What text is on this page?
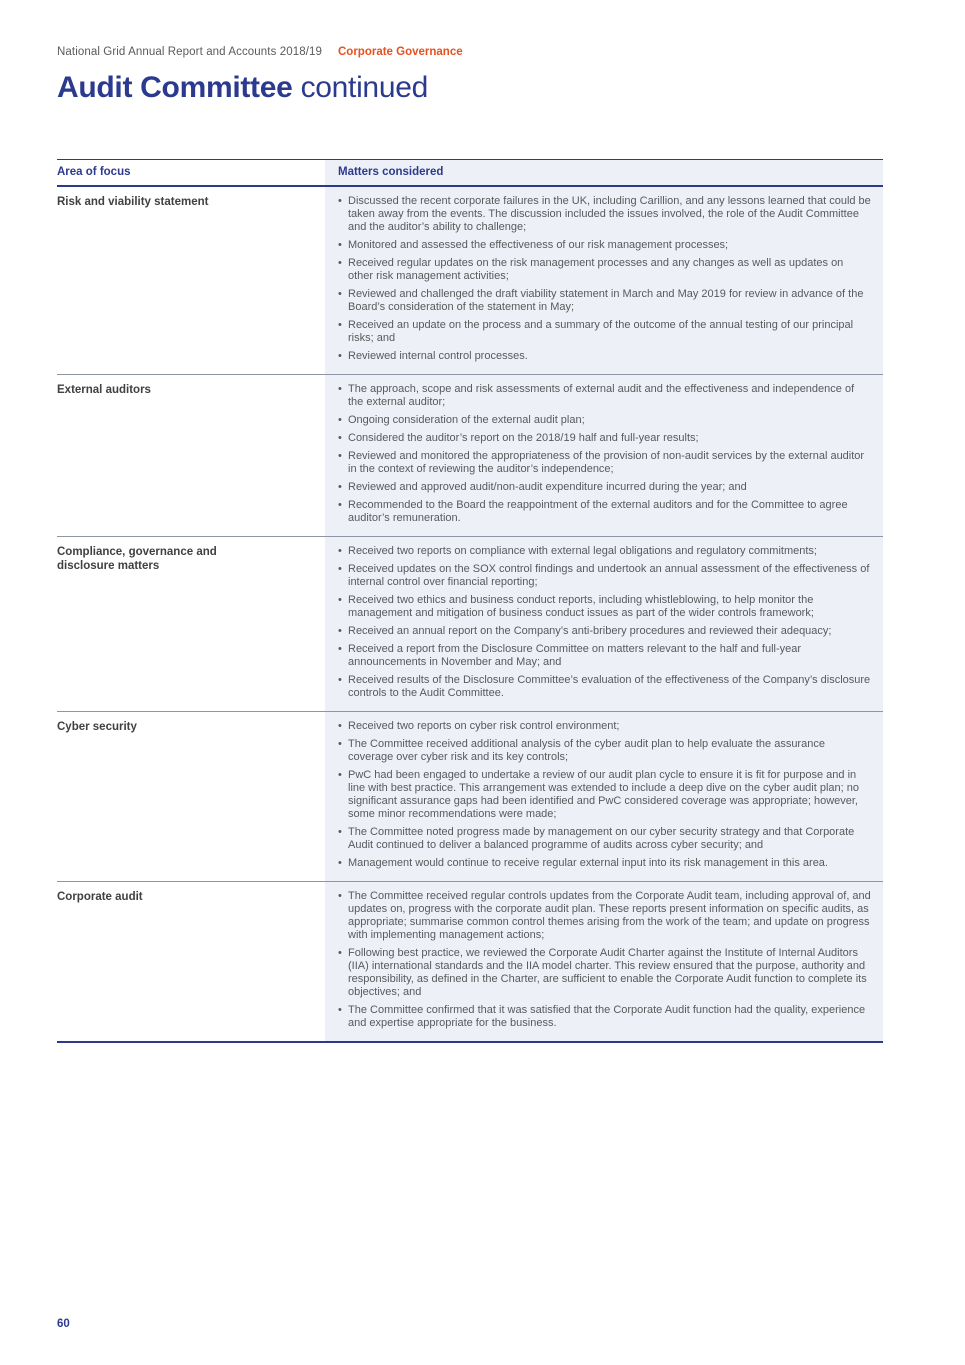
National Grid Annual Report and Accounts 2018/19	Corporate Governance
Audit Committee continued
Area of focus	Matters considered
Risk and viability statement	• Discussed the recent corporate failures in the UK, including Carillion, and any lessons learned that could be taken away from the events. The discussion included the issues involved, the role of the Audit Committee and the auditor’s ability to challenge;
• Monitored and assessed the effectiveness of our risk management processes;
• Received regular updates on the risk management processes and any changes as well as updates on other risk management activities;
• Reviewed and challenged the draft viability statement in March and May 2019 for review in advance of the Board’s consideration of the statement in May;
• Received an update on the process and a summary of the outcome of the annual testing of our principal risks; and
• Reviewed internal control processes.
External auditors	• The approach, scope and risk assessments of external audit and the effectiveness and independence of the external auditor;
• Ongoing consideration of the external audit plan;
• Considered the auditor’s report on the 2018/19 half and full-year results;
• Reviewed and monitored the appropriateness of the provision of non-audit services by the external auditor in the context of reviewing the auditor’s independence;
• Reviewed and approved audit/non-audit expenditure incurred during the year; and
• Recommended to the Board the reappointment of the external auditors and for the Committee to agree auditor’s remuneration.
Compliance, governance and disclosure matters
• Received two reports on compliance with external legal obligations and regulatory commitments;
• Received updates on the SOX control findings and undertook an annual assessment of the effectiveness of internal control over financial reporting;
• Received two ethics and business conduct reports, including whistleblowing, to help monitor the management and mitigation of business conduct issues as part of the wider controls framework;
• Received an annual report on the Company’s anti-bribery procedures and reviewed their adequacy;
• Received a report from the Disclosure Committee on matters relevant to the half and full-year announcements in November and May; and
• Received results of the Disclosure Committee’s evaluation of the effectiveness of the Company’s disclosure controls to the Audit Committee.
Cyber security	• Received two reports on cyber risk control environment;
• The Committee received additional analysis of the cyber audit plan to help evaluate the assurance coverage over cyber risk and its key controls;
• PwC had been engaged to undertake a review of our audit plan cycle to ensure it is fit for purpose and in line with best practice. This arrangement was extended to include a deep dive on the cyber audit plan; no significant assurance gaps had been identified and PwC considered coverage was appropriate; however, some minor recommendations were made;
• The Committee noted progress made by management on our cyber security strategy and that Corporate Audit continued to deliver a balanced programme of audits across cyber security; and
• Management would continue to receive regular external input into its risk management in this area.
Corporate audit	• The Committee received regular controls updates from the Corporate Audit team, including approval of, and updates on, progress with the corporate audit plan. These reports present information on specific audits, as appropriate; summarise common control themes arising from the work of the team; and update on progress with implementing management actions;
• Following best practice, we reviewed the Corporate Audit Charter against the Institute of Internal Auditors (IIA) international standards and the IIA model charter. This review ensured that the purpose, authority and responsibility, as defined in the Charter, are sufficient to enable the Corporate Audit function to complete its objectives; and
• The Committee confirmed that it was satisfied that the Corporate Audit function had the quality, experience and expertise appropriate for the business.
60
